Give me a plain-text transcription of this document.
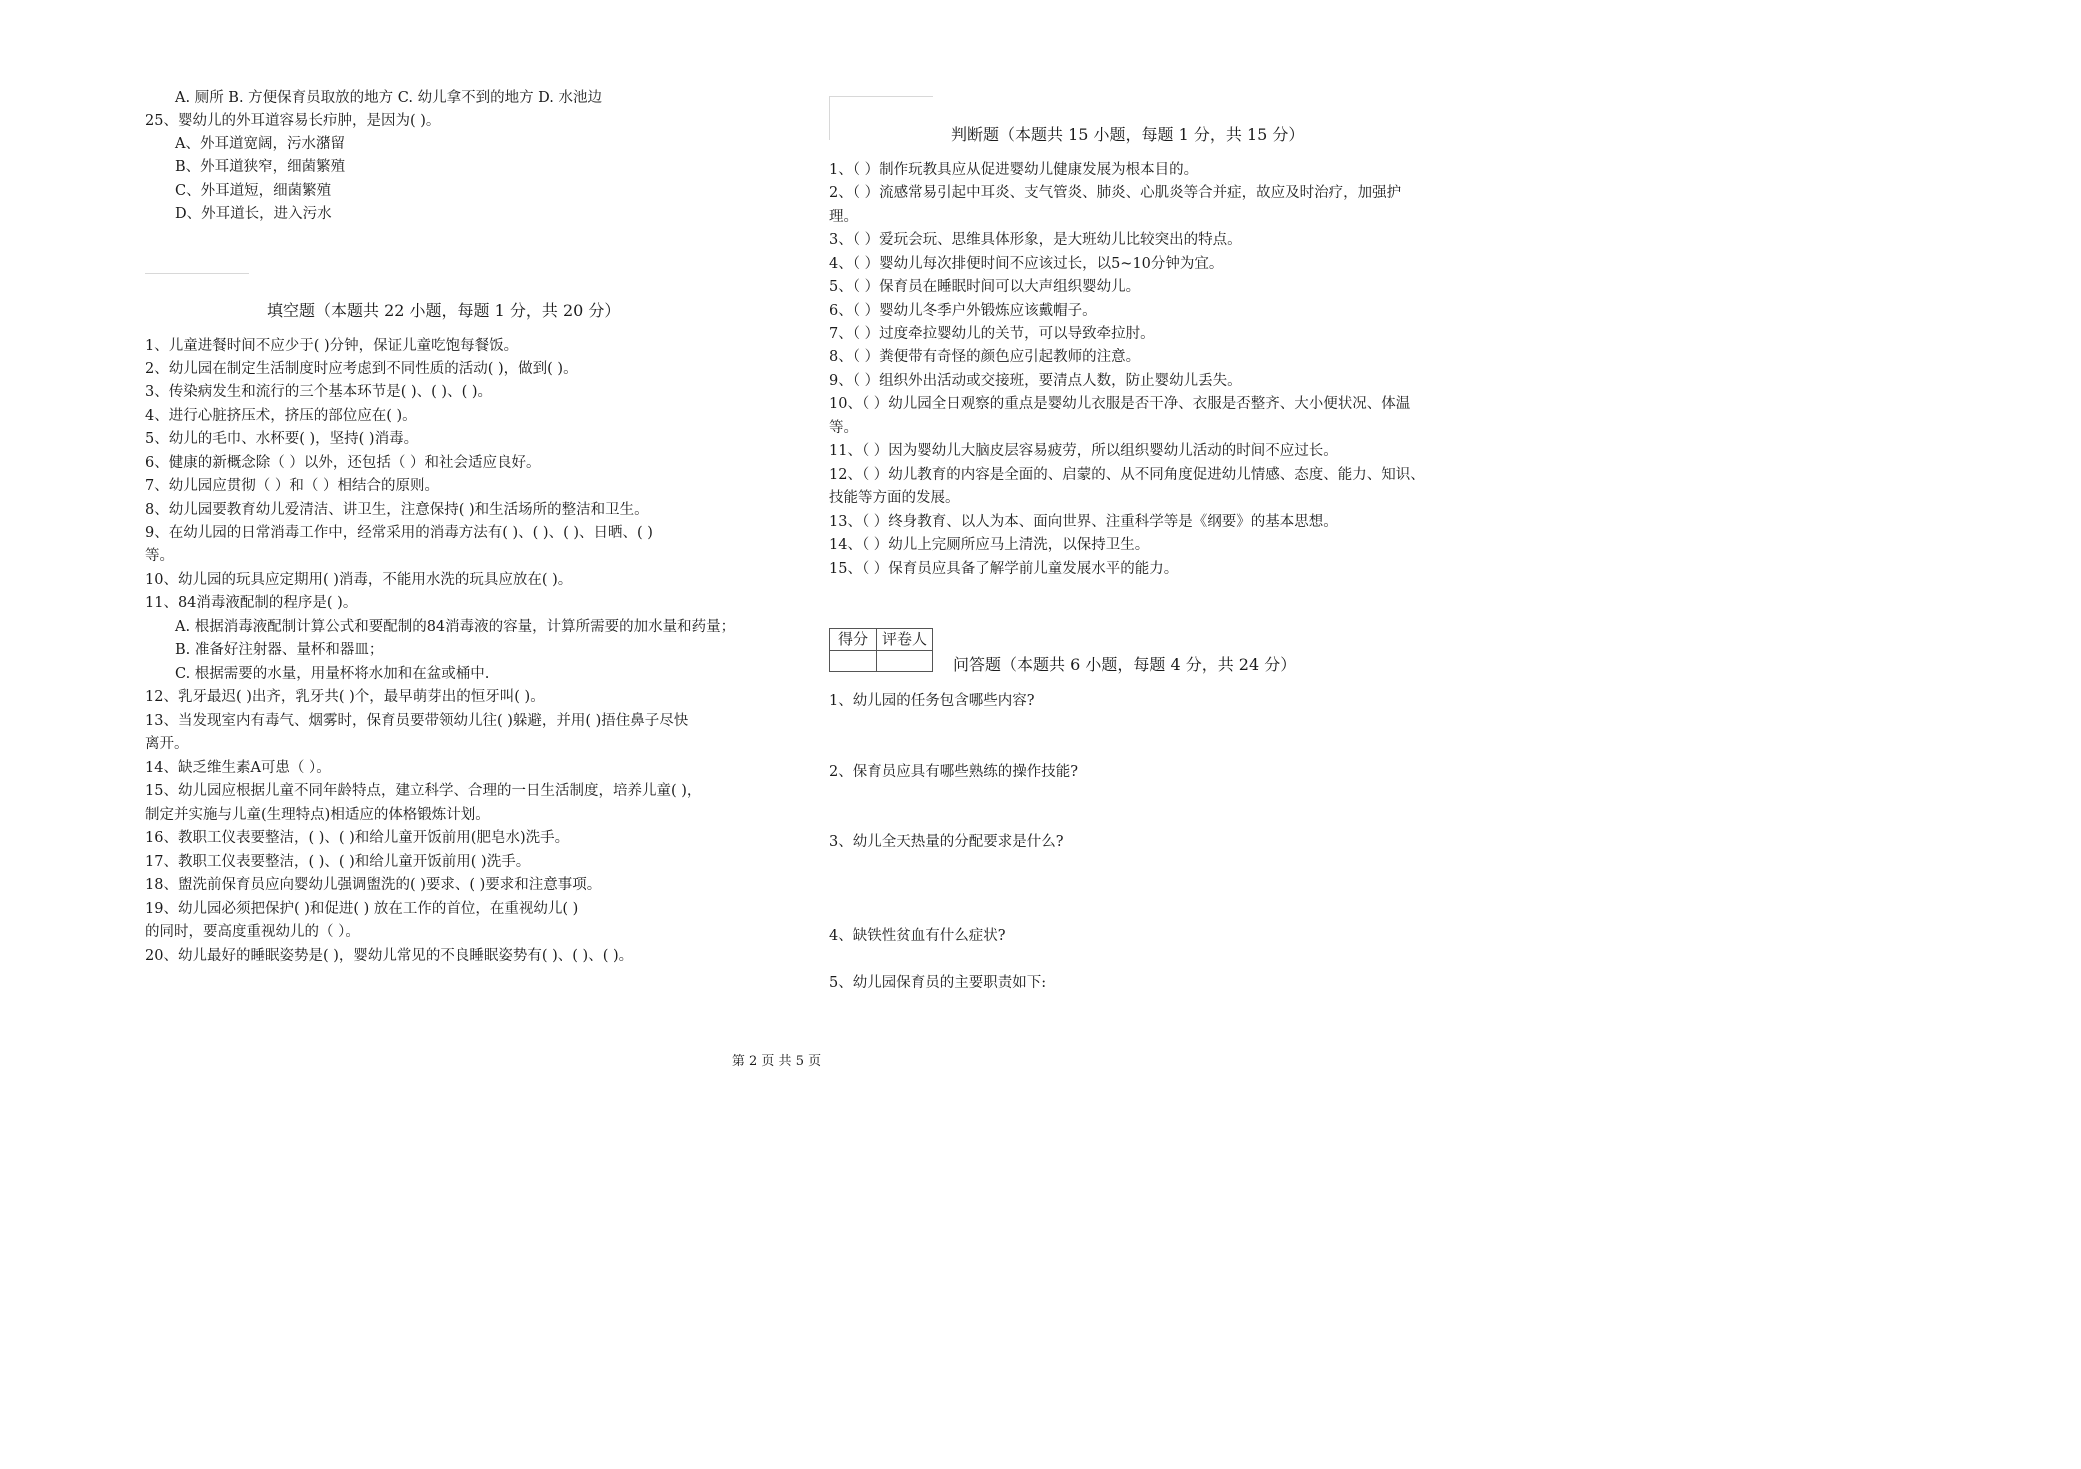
A. 厕所 B. 方便保育员取放的地方 C. 幼儿拿不到的地方 D. 水池边
25、婴幼儿的外耳道容易长疖肿，是因为( )。
A、外耳道宽阔，污水潴留
B、外耳道狭窄，细菌繁殖
C、外耳道短，细菌繁殖
D、外耳道长，进入污水
填空题（本题共 22 小题，每题 1 分，共 20 分）
1、儿童进餐时间不应少于( )分钟，保证儿童吃饱每餐饭。
2、幼儿园在制定生活制度时应考虑到不同性质的活动( )，做到( )。
3、传染病发生和流行的三个基本环节是( )、( )、( )。
4、进行心脏挤压术，挤压的部位应在( )。
5、幼儿的毛巾、水杯要( )，坚持( )消毒。
6、健康的新概念除（ ）以外，还包括（ ）和社会适应良好。
7、幼儿园应贯彻（ ）和（ ）相结合的原则。
8、幼儿园要教育幼儿爱清洁、讲卫生，注意保持( )和生活场所的整洁和卫生。
9、在幼儿园的日常消毒工作中，经常采用的消毒方法有( )、( )、( )、日晒、( )
等。
10、幼儿园的玩具应定期用( )消毒，不能用水洗的玩具应放在( )。
11、84消毒液配制的程序是( )。
A. 根据消毒液配制计算公式和要配制的84消毒液的容量，计算所需要的加水量和药量；
B. 准备好注射器、量杯和器皿；
C. 根据需要的水量，用量杯将水加和在盆或桶中.
12、乳牙最迟( )出齐，乳牙共( )个，最早萌芽出的恒牙叫( )。
13、当发现室内有毒气、烟雾时，保育员要带领幼儿往( )躲避，并用( )捂住鼻子尽快
离开。
14、缺乏维生素A可患（ ）。
15、幼儿园应根据儿童不同年龄特点，建立科学、合理的一日生活制度，培养儿童( )，
制定并实施与儿童(生理特点)相适应的体格锻炼计划。
16、教职工仪表要整洁，( )、( )和给儿童开饭前用(肥皂水)洗手。
17、教职工仪表要整洁，( )、( )和给儿童开饭前用( )洗手。
18、盥洗前保育员应向婴幼儿强调盥洗的( )要求、( )要求和注意事项。
19、幼儿园必须把保护( )和促进( ) 放在工作的首位，在重视幼儿( )
的同时，要高度重视幼儿的（ ）。
20、幼儿最好的睡眠姿势是( )，婴幼儿常见的不良睡眠姿势有( )、( )、( )。
判断题（本题共 15 小题，每题 1 分，共 15 分）
1、（ ）制作玩教具应从促进婴幼儿健康发展为根本目的。
2、（ ）流感常易引起中耳炎、支气管炎、肺炎、心肌炎等合并症，故应及时治疗，加强护
理。
3、（ ）爱玩会玩、思维具体形象，是大班幼儿比较突出的特点。
4、（ ）婴幼儿每次排便时间不应该过长，以5~10分钟为宜。
5、（ ）保育员在睡眠时间可以大声组织婴幼儿。
6、（ ）婴幼儿冬季户外锻炼应该戴帽子。
7、（ ）过度牵拉婴幼儿的关节，可以导致牵拉肘。
8、（ ）粪便带有奇怪的颜色应引起教师的注意。
9、（ ）组织外出活动或交接班，要清点人数，防止婴幼儿丢失。
10、（ ）幼儿园全日观察的重点是婴幼儿衣服是否干净、衣服是否整齐、大小便状况、体温
等。
11、（ ）因为婴幼儿大脑皮层容易疲劳，所以组织婴幼儿活动的时间不应过长。
12、（ ）幼儿教育的内容是全面的、启蒙的、从不同角度促进幼儿情感、态度、能力、知识、
技能等方面的发展。
13、（ ）终身教育、以人为本、面向世界、注重科学等是《纲要》的基本思想。
14、（ ）幼儿上完厕所应马上清洗，以保持卫生。
15、（ ）保育员应具备了解学前儿童发展水平的能力。
得分 评卷人
问答题（本题共 6 小题，每题 4 分，共 24 分）
1、幼儿园的任务包含哪些内容?
2、保育员应具有哪些熟练的操作技能?
3、幼儿全天热量的分配要求是什么?
4、缺铁性贫血有什么症状?
5、幼儿园保育员的主要职责如下:
第 2 页 共 5 页
